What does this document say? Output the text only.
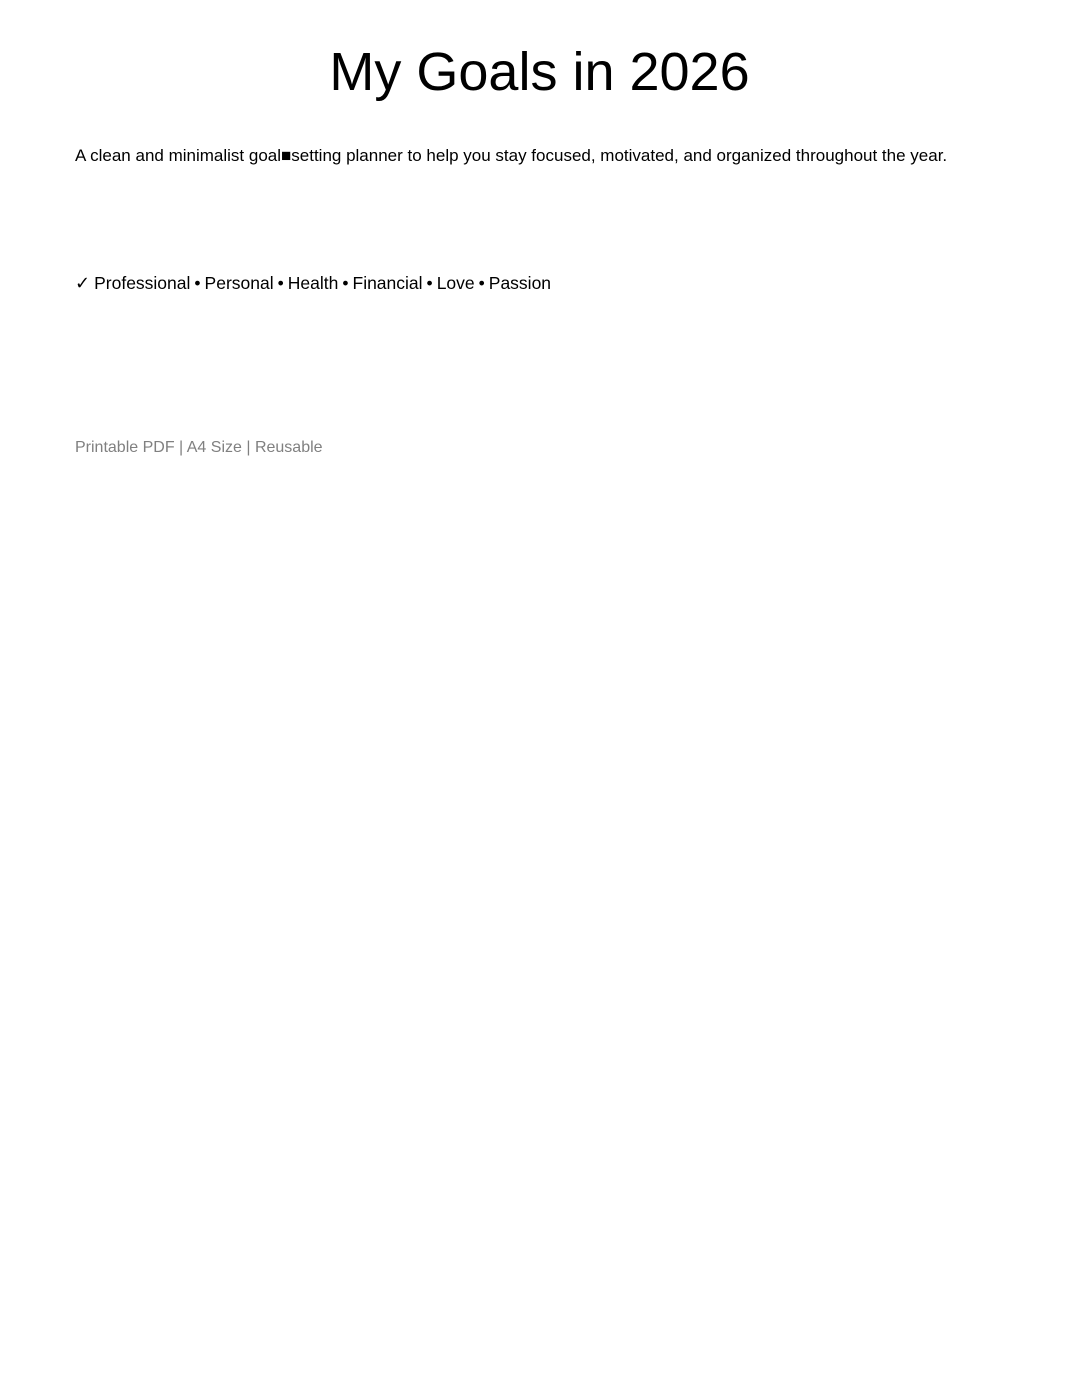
My Goals in 2026

A clean and minimalist goal■setting planner to help you stay focused, motivated, and organized throughout the year.

✓ Professional • Personal • Health • Financial • Love • Passion

Printable PDF | A4 Size | Reusable
